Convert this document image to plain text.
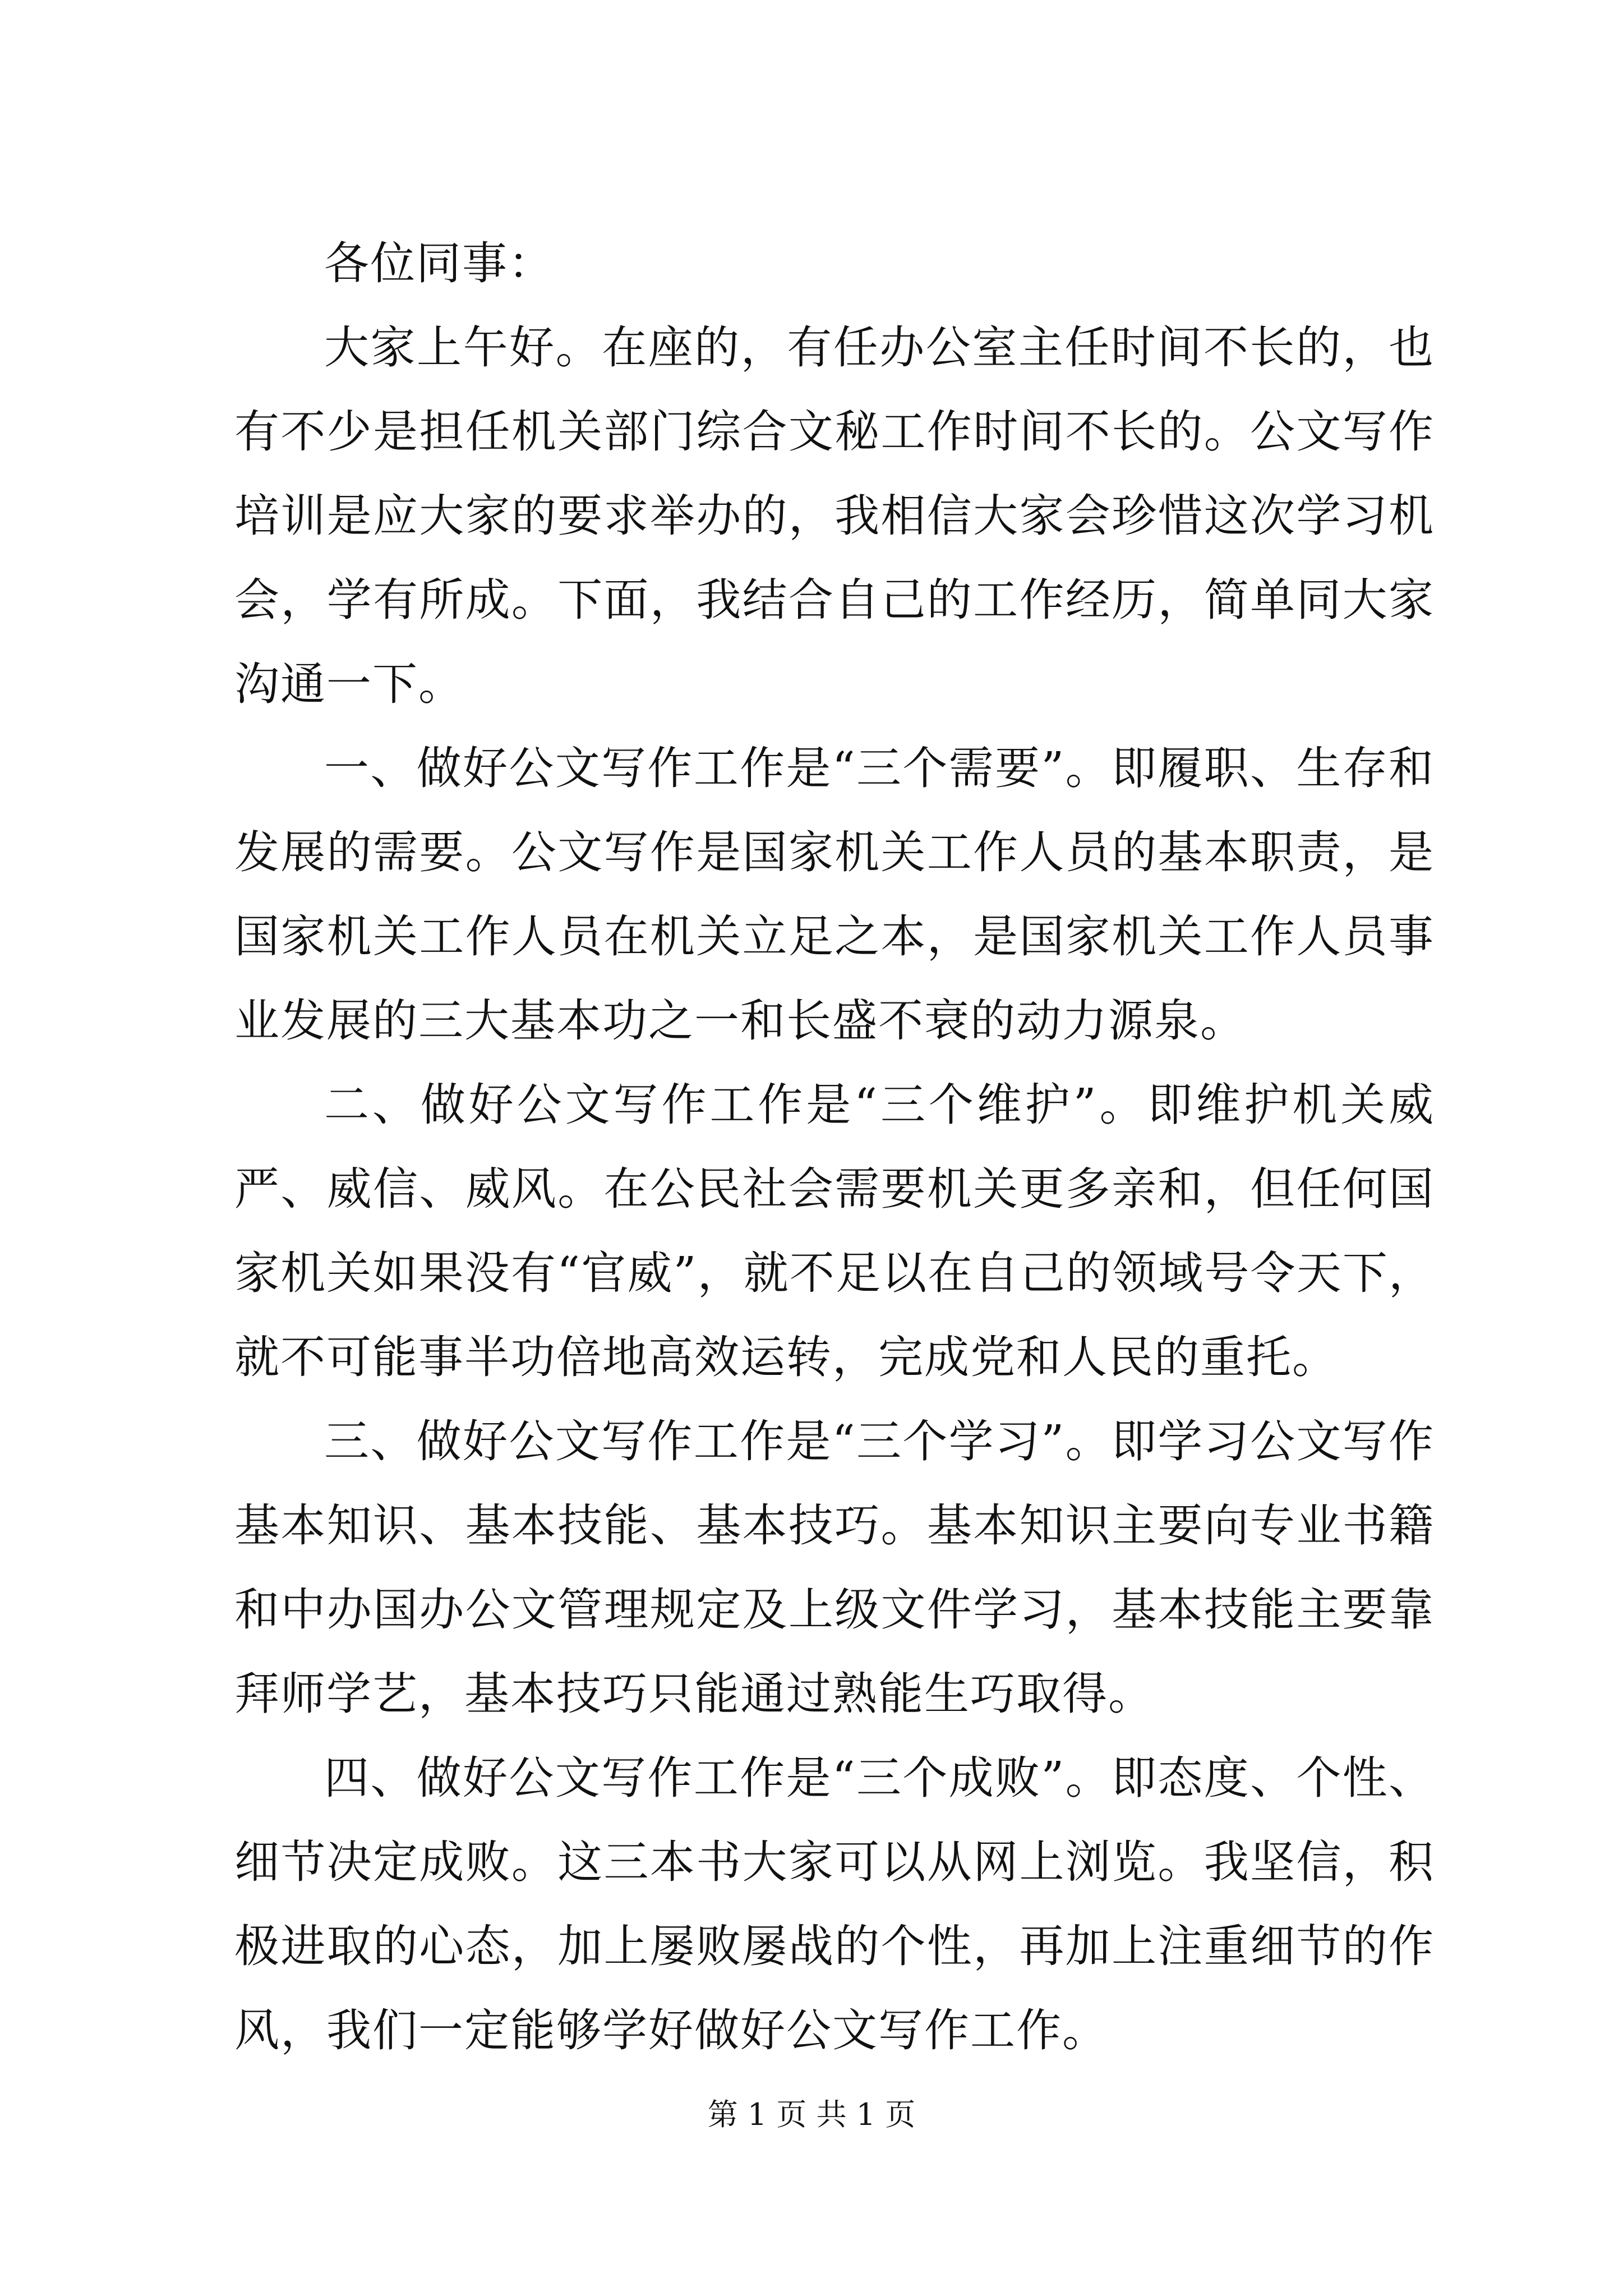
各位同事：

大家上午好。在座的，有任办公室主任时间不长的，也有不少是担任机关部门综合文秘工作时间不长的。公文写作培训是应大家的要求举办的，我相信大家会珍惜这次学习机会，学有所成。下面，我结合自己的工作经历，简单同大家沟通一下。

一、做好公文写作工作是“三个需要”。即履职、生存和发展的需要。公文写作是国家机关工作人员的基本职责，是国家机关工作人员在机关立足之本，是国家机关工作人员事业发展的三大基本功之一和长盛不衰的动力源泉。

二、做好公文写作工作是“三个维护”。即维护机关威严、威信、威风。在公民社会需要机关更多亲和，但任何国家机关如果没有“官威”，就不足以在自己的领域号令天下，就不可能事半功倍地高效运转，完成党和人民的重托。

三、做好公文写作工作是“三个学习”。即学习公文写作基本知识、基本技能、基本技巧。基本知识主要向专业书籍和中办国办公文管理规定及上级文件学习，基本技能主要靠拜师学艺，基本技巧只能通过熟能生巧取得。

四、做好公文写作工作是“三个成败”。即态度、个性、细节决定成败。这三本书大家可以从网上浏览。我坚信，积极进取的心态，加上屡败屡战的个性，再加上注重细节的作风，我们一定能够学好做好公文写作工作。

第 1 页 共 1 页
